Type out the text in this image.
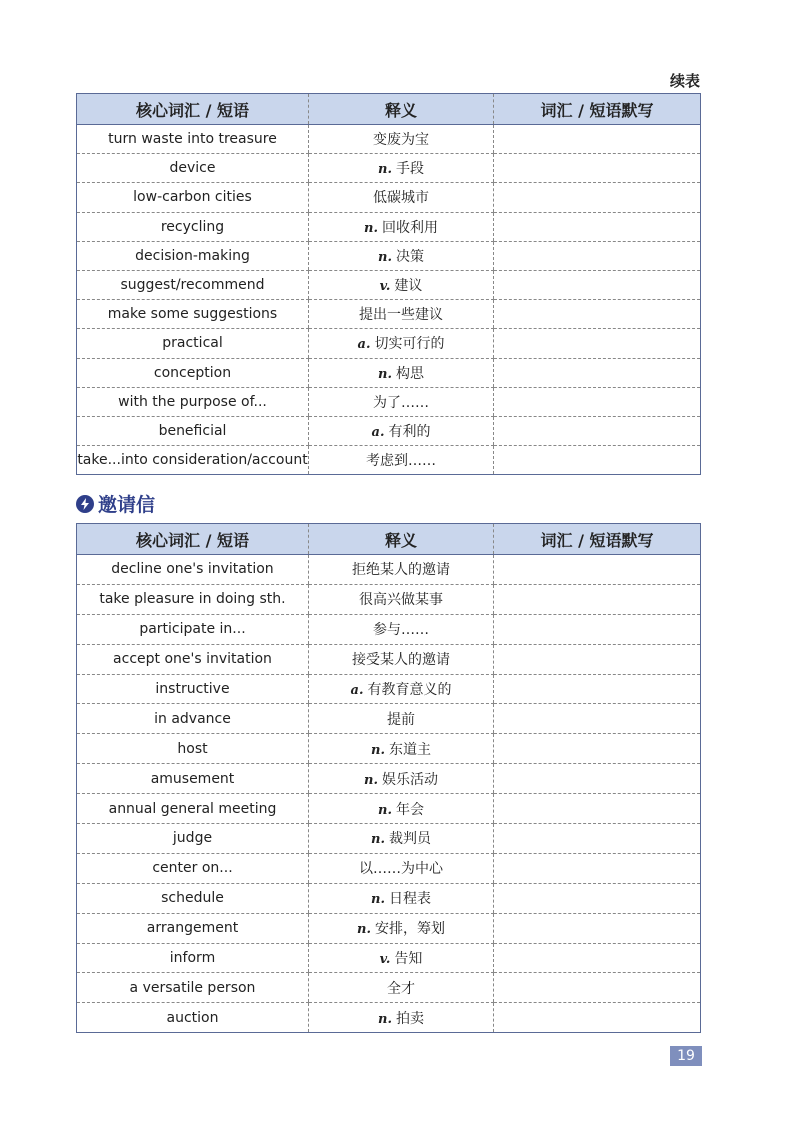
续表
核心词汇 / 短语	释义	词汇 / 短语默写
turn waste into treasure	变废为宝	
device	n. 手段	
low-carbon cities	低碳城市	
recycling	n. 回收利用	
decision-making	n. 决策	
suggest/recommend	v. 建议	
make some suggestions	提出一些建议	
practical	a. 切实可行的	
conception	n. 构思	
with the purpose of...	为了……	
beneficial	a. 有利的	
take...into consideration/account	考虑到……	
邀请信
核心词汇 / 短语	释义	词汇 / 短语默写
decline one's invitation	拒绝某人的邀请	
take pleasure in doing sth.	很高兴做某事	
participate in...	参与……	
accept one's invitation	接受某人的邀请	
instructive	a. 有教育意义的	
in advance	提前	
host	n. 东道主	
amusement	n. 娱乐活动	
annual general meeting	n. 年会	
judge	n. 裁判员	
center on...	以……为中心	
schedule	n. 日程表	
arrangement	n. 安排，筹划	
inform	v. 告知	
a versatile person	全才	
auction	n. 拍卖	
19
